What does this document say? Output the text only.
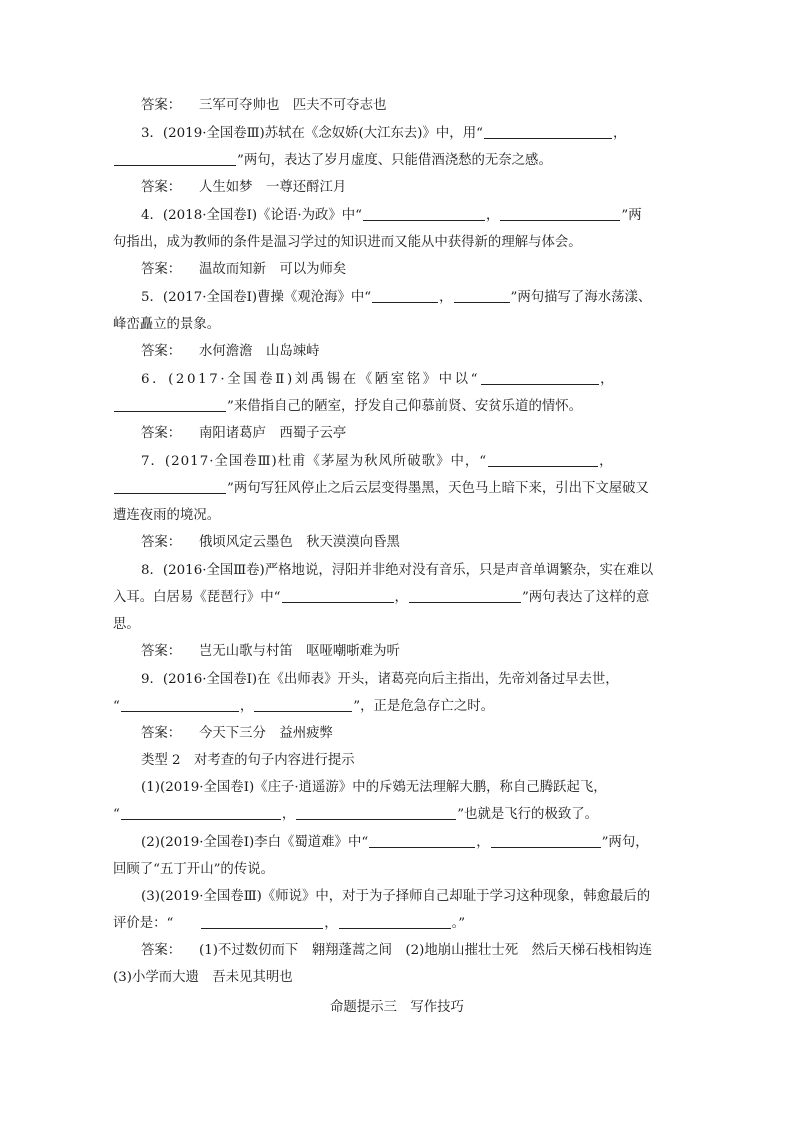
答案： 三军可夺帅也　匹夫不可夺志也
3．(2019·全国卷Ⅲ)苏轼在《念奴娇(大江东去)》中，用“	，
”两句，表达了岁月虚度、只能借酒浇愁的无奈之感。
答案： 人生如梦　一尊还酹江月
4．(2018·全国卷Ⅰ)《论语·为政》中“	，	”两
句指出，成为教师的条件是温习学过的知识进而又能从中获得新的理解与体会。
答案： 温故而知新　可以为师矣
5．(2017·全国卷Ⅰ)曹操《观沧海》中“	，	”两句描写了海水荡漾、
峰峦矗立的景象。
答案： 水何澹澹　山岛竦峙
6．(2017·全国卷Ⅱ)刘禹锡在《陋室铭》中以“	，
”来借指自己的陋室，抒发自己仰慕前贤、安贫乐道的情怀。
答案： 南阳诸葛庐　西蜀子云亭
7．(2017·全国卷Ⅲ)杜甫《茅屋为秋风所破歌》中，“	，
”两句写狂风停止之后云层变得墨黑，天色马上暗下来，引出下文屋破又
遭连夜雨的境况。
答案： 俄顷风定云墨色　秋天漠漠向昏黑
8．(2016·全国Ⅲ卷)严格地说，浔阳并非绝对没有音乐，只是声音单调繁杂，实在难以
入耳。白居易《琵琶行》中“	，	”两句表达了这样的意
思。
答案： 岂无山歌与村笛　呕哑嘲哳难为听
9．(2016·全国卷Ⅰ)在《出师表》开头，诸葛亮向后主指出，先帝刘备过早去世，
“	，	”，正是危急存亡之时。
答案： 今天下三分　益州疲弊
类型 2　对考查的句子内容进行提示
(1)(2019·全国卷Ⅰ)《庄子·逍遥游》中的斥鴳无法理解大鹏，称自己腾跃起飞，
“	，	”也就是飞行的极致了。
(2)(2019·全国卷Ⅰ)李白《蜀道难》中“	，	”两句，
回顾了“五丁开山”的传说。
(3)(2019·全国卷Ⅲ)《师说》中，对于为子择师自己却耻于学习这种现象，韩愈最后的
评价是：“　　	，	。”
答案： (1)不过数仞而下　翱翔蓬蒿之间　(2)地崩山摧壮士死　然后天梯石栈相钩连
(3)小学而大遗　吾未见其明也
命题提示三　写作技巧
